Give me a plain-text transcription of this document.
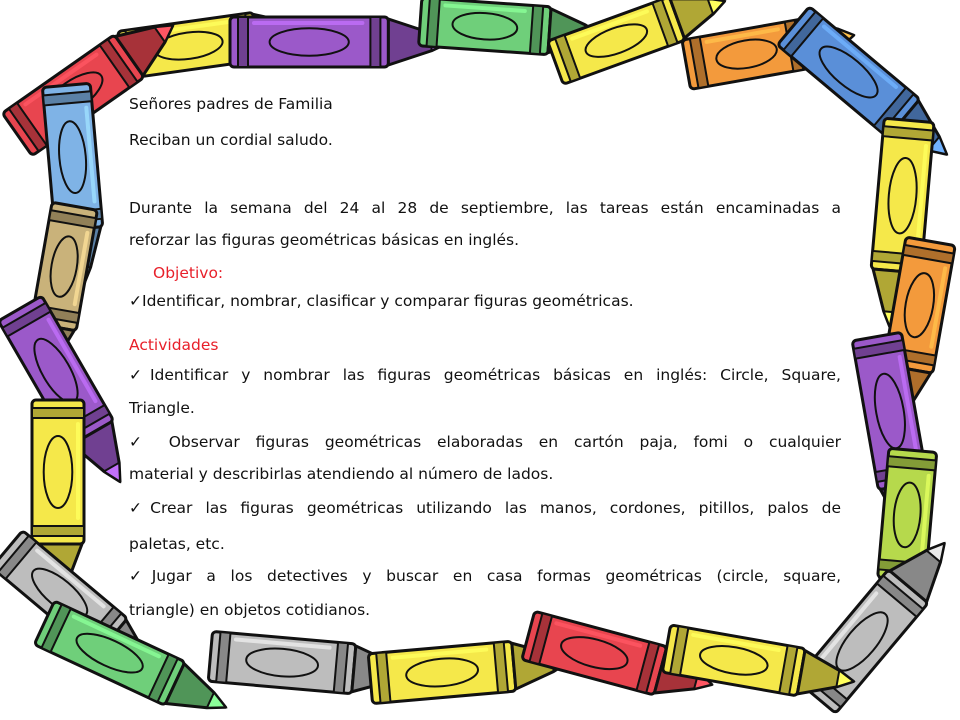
Señores padres de Familia
Reciban un cordial saludo.
Durante la semana del 24 al 28 de septiembre, las tareas están encaminadas a
reforzar las figuras geométricas básicas en inglés.
Objetivo:
✓Identificar, nombrar, clasificar y comparar figuras geométricas.
Actividades
✓Identificar y nombrar las figuras geométricas básicas en inglés: Circle, Square,
Triangle.
✓ Observar figuras geométricas elaboradas en cartón paja, fomi o cualquier
material y describirlas atendiendo al número de lados.
✓Crear las figuras geométricas utilizando las manos, cordones, pitillos, palos de
paletas, etc.
✓Jugar a los detectives y buscar en casa formas geométricas (circle, square,
triangle) en objetos cotidianos.
